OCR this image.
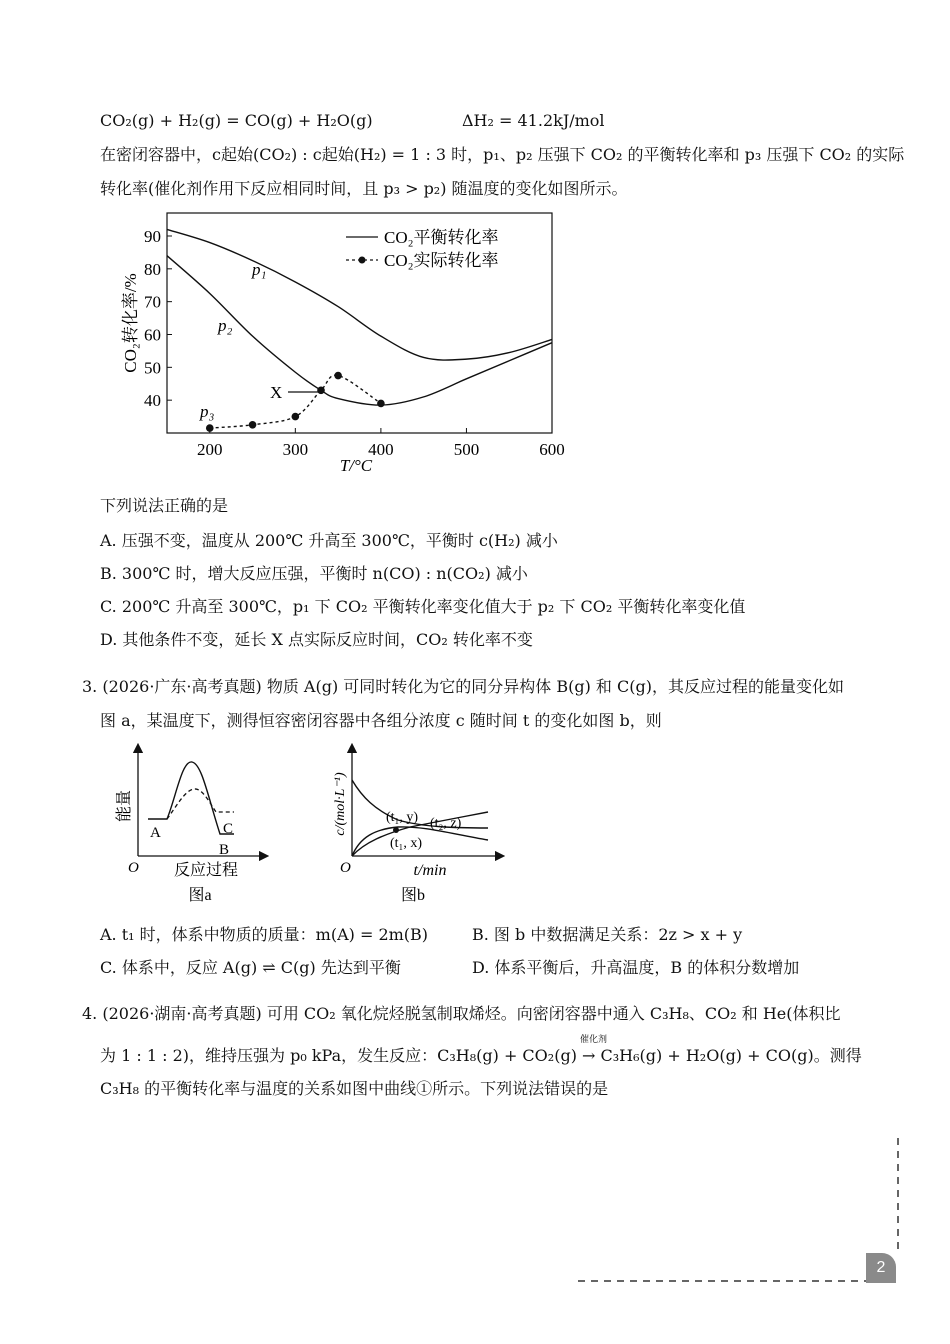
CO₂(g) + H₂(g) = CO(g) + H₂O(g)	ΔH₂ = 41.2kJ/mol
在密闭容器中，c起始(CO₂) : c起始(H₂) = 1 : 3 时，p₁、p₂ 压强下 CO₂ 的平衡转化率和 p₃ 压强下 CO₂ 的实际
转化率(催化剂作用下反应相同时间，且 p₃ > p₂) 随温度的变化如图所示。
40
50
60
70
80
90
200	300	400	500	600
CO₂转化率/%
T/°C
CO₂平衡转化率
CO₂实际转化率
p₁
p₂
p₃
X
下列说法正确的是
A. 压强不变，温度从 200℃ 升高至 300℃，平衡时 c(H₂) 减小
B. 300℃ 时，增大反应压强，平衡时 n(CO) : n(CO₂) 减小
C. 200℃ 升高至 300℃，p₁ 下 CO₂ 平衡转化率变化值大于 p₂ 下 CO₂ 平衡转化率变化值
D. 其他条件不变，延长 X 点实际反应时间，CO₂ 转化率不变
3. (2026·广东·高考真题) 物质 A(g) 可同时转化为它的同分异构体 B(g) 和 C(g)，其反应过程的能量变化如
图 a，某温度下，测得恒容密闭容器中各组分浓度 c 随时间 t 的变化如图 b，则
能量
A
B
C
O 反应过程
图a
c/(mol·L⁻¹)	(t₁, y) (t₂, z)
(t₁, x)
O	t/min
图b
A. t₁ 时，体系中物质的质量：m(A) = 2m(B)	B. 图 b 中数据满足关系：2z > x + y
C. 体系中，反应 A(g) ⇌ C(g) 先达到平衡	D. 体系平衡后，升高温度，B 的体积分数增加
4. (2026·湖南·高考真题) 可用 CO₂ 氧化烷烃脱氢制取烯烃。向密闭容器中通入 C₃H₈、CO₂ 和 He(体积比
催化剂
为 1 : 1 : 2)，维持压强为 p₀ kPa，发生反应：C₃H₈(g) + CO₂(g) → C₃H₆(g) + H₂O(g) + CO(g)。测得
C₃H₈ 的平衡转化率与温度的关系如图中曲线①所示。下列说法错误的是
2
